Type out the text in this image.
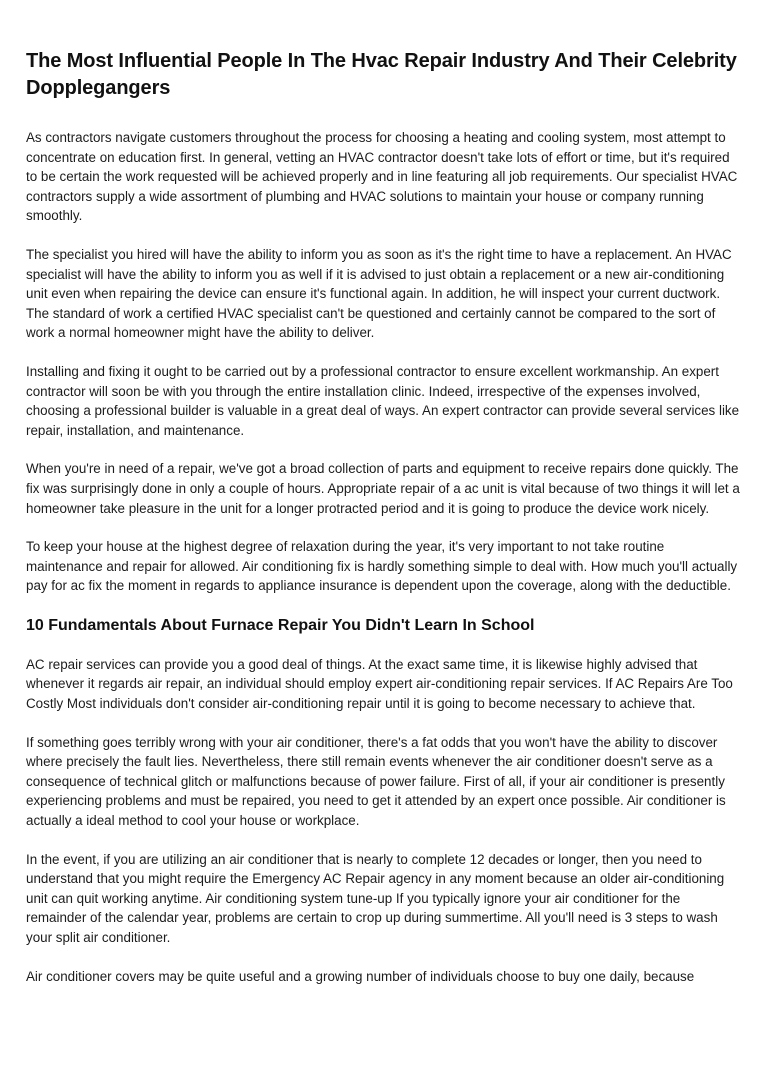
The Most Influential People In The Hvac Repair Industry And Their Celebrity Dopplegangers

As contractors navigate customers throughout the process for choosing a heating and cooling system, most attempt to concentrate on education first. In general, vetting an HVAC contractor doesn't take lots of effort or time, but it's required to be certain the work requested will be achieved properly and in line featuring all job requirements. Our specialist HVAC contractors supply a wide assortment of plumbing and HVAC solutions to maintain your house or company running smoothly.

The specialist you hired will have the ability to inform you as soon as it's the right time to have a replacement. An HVAC specialist will have the ability to inform you as well if it is advised to just obtain a replacement or a new air-conditioning unit even when repairing the device can ensure it's functional again. In addition, he will inspect your current ductwork. The standard of work a certified HVAC specialist can't be questioned and certainly cannot be compared to the sort of work a normal homeowner might have the ability to deliver.

Installing and fixing it ought to be carried out by a professional contractor to ensure excellent workmanship. An expert contractor will soon be with you through the entire installation clinic. Indeed, irrespective of the expenses involved, choosing a professional builder is valuable in a great deal of ways. An expert contractor can provide several services like repair, installation, and maintenance.

When you're in need of a repair, we've got a broad collection of parts and equipment to receive repairs done quickly. The fix was surprisingly done in only a couple of hours. Appropriate repair of a ac unit is vital because of two things it will let a homeowner take pleasure in the unit for a longer protracted period and it is going to produce the device work nicely.

To keep your house at the highest degree of relaxation during the year, it's very important to not take routine maintenance and repair for allowed. Air conditioning fix is hardly something simple to deal with. How much you'll actually pay for ac fix the moment in regards to appliance insurance is dependent upon the coverage, along with the deductible.

10 Fundamentals About Furnace Repair You Didn't Learn In School

AC repair services can provide you a good deal of things. At the exact same time, it is likewise highly advised that whenever it regards air repair, an individual should employ expert air-conditioning repair services. If AC Repairs Are Too Costly Most individuals don't consider air-conditioning repair until it is going to become necessary to achieve that.

If something goes terribly wrong with your air conditioner, there's a fat odds that you won't have the ability to discover where precisely the fault lies. Nevertheless, there still remain events whenever the air conditioner doesn't serve as a consequence of technical glitch or malfunctions because of power failure. First of all, if your air conditioner is presently experiencing problems and must be repaired, you need to get it attended by an expert once possible. Air conditioner is actually a ideal method to cool your house or workplace.

In the event, if you are utilizing an air conditioner that is nearly to complete 12 decades or longer, then you need to understand that you might require the Emergency AC Repair agency in any moment because an older air-conditioning unit can quit working anytime. Air conditioning system tune-up If you typically ignore your air conditioner for the remainder of the calendar year, problems are certain to crop up during summertime. All you'll need is 3 steps to wash your split air conditioner.

Air conditioner covers may be quite useful and a growing number of individuals choose to buy one daily, because
